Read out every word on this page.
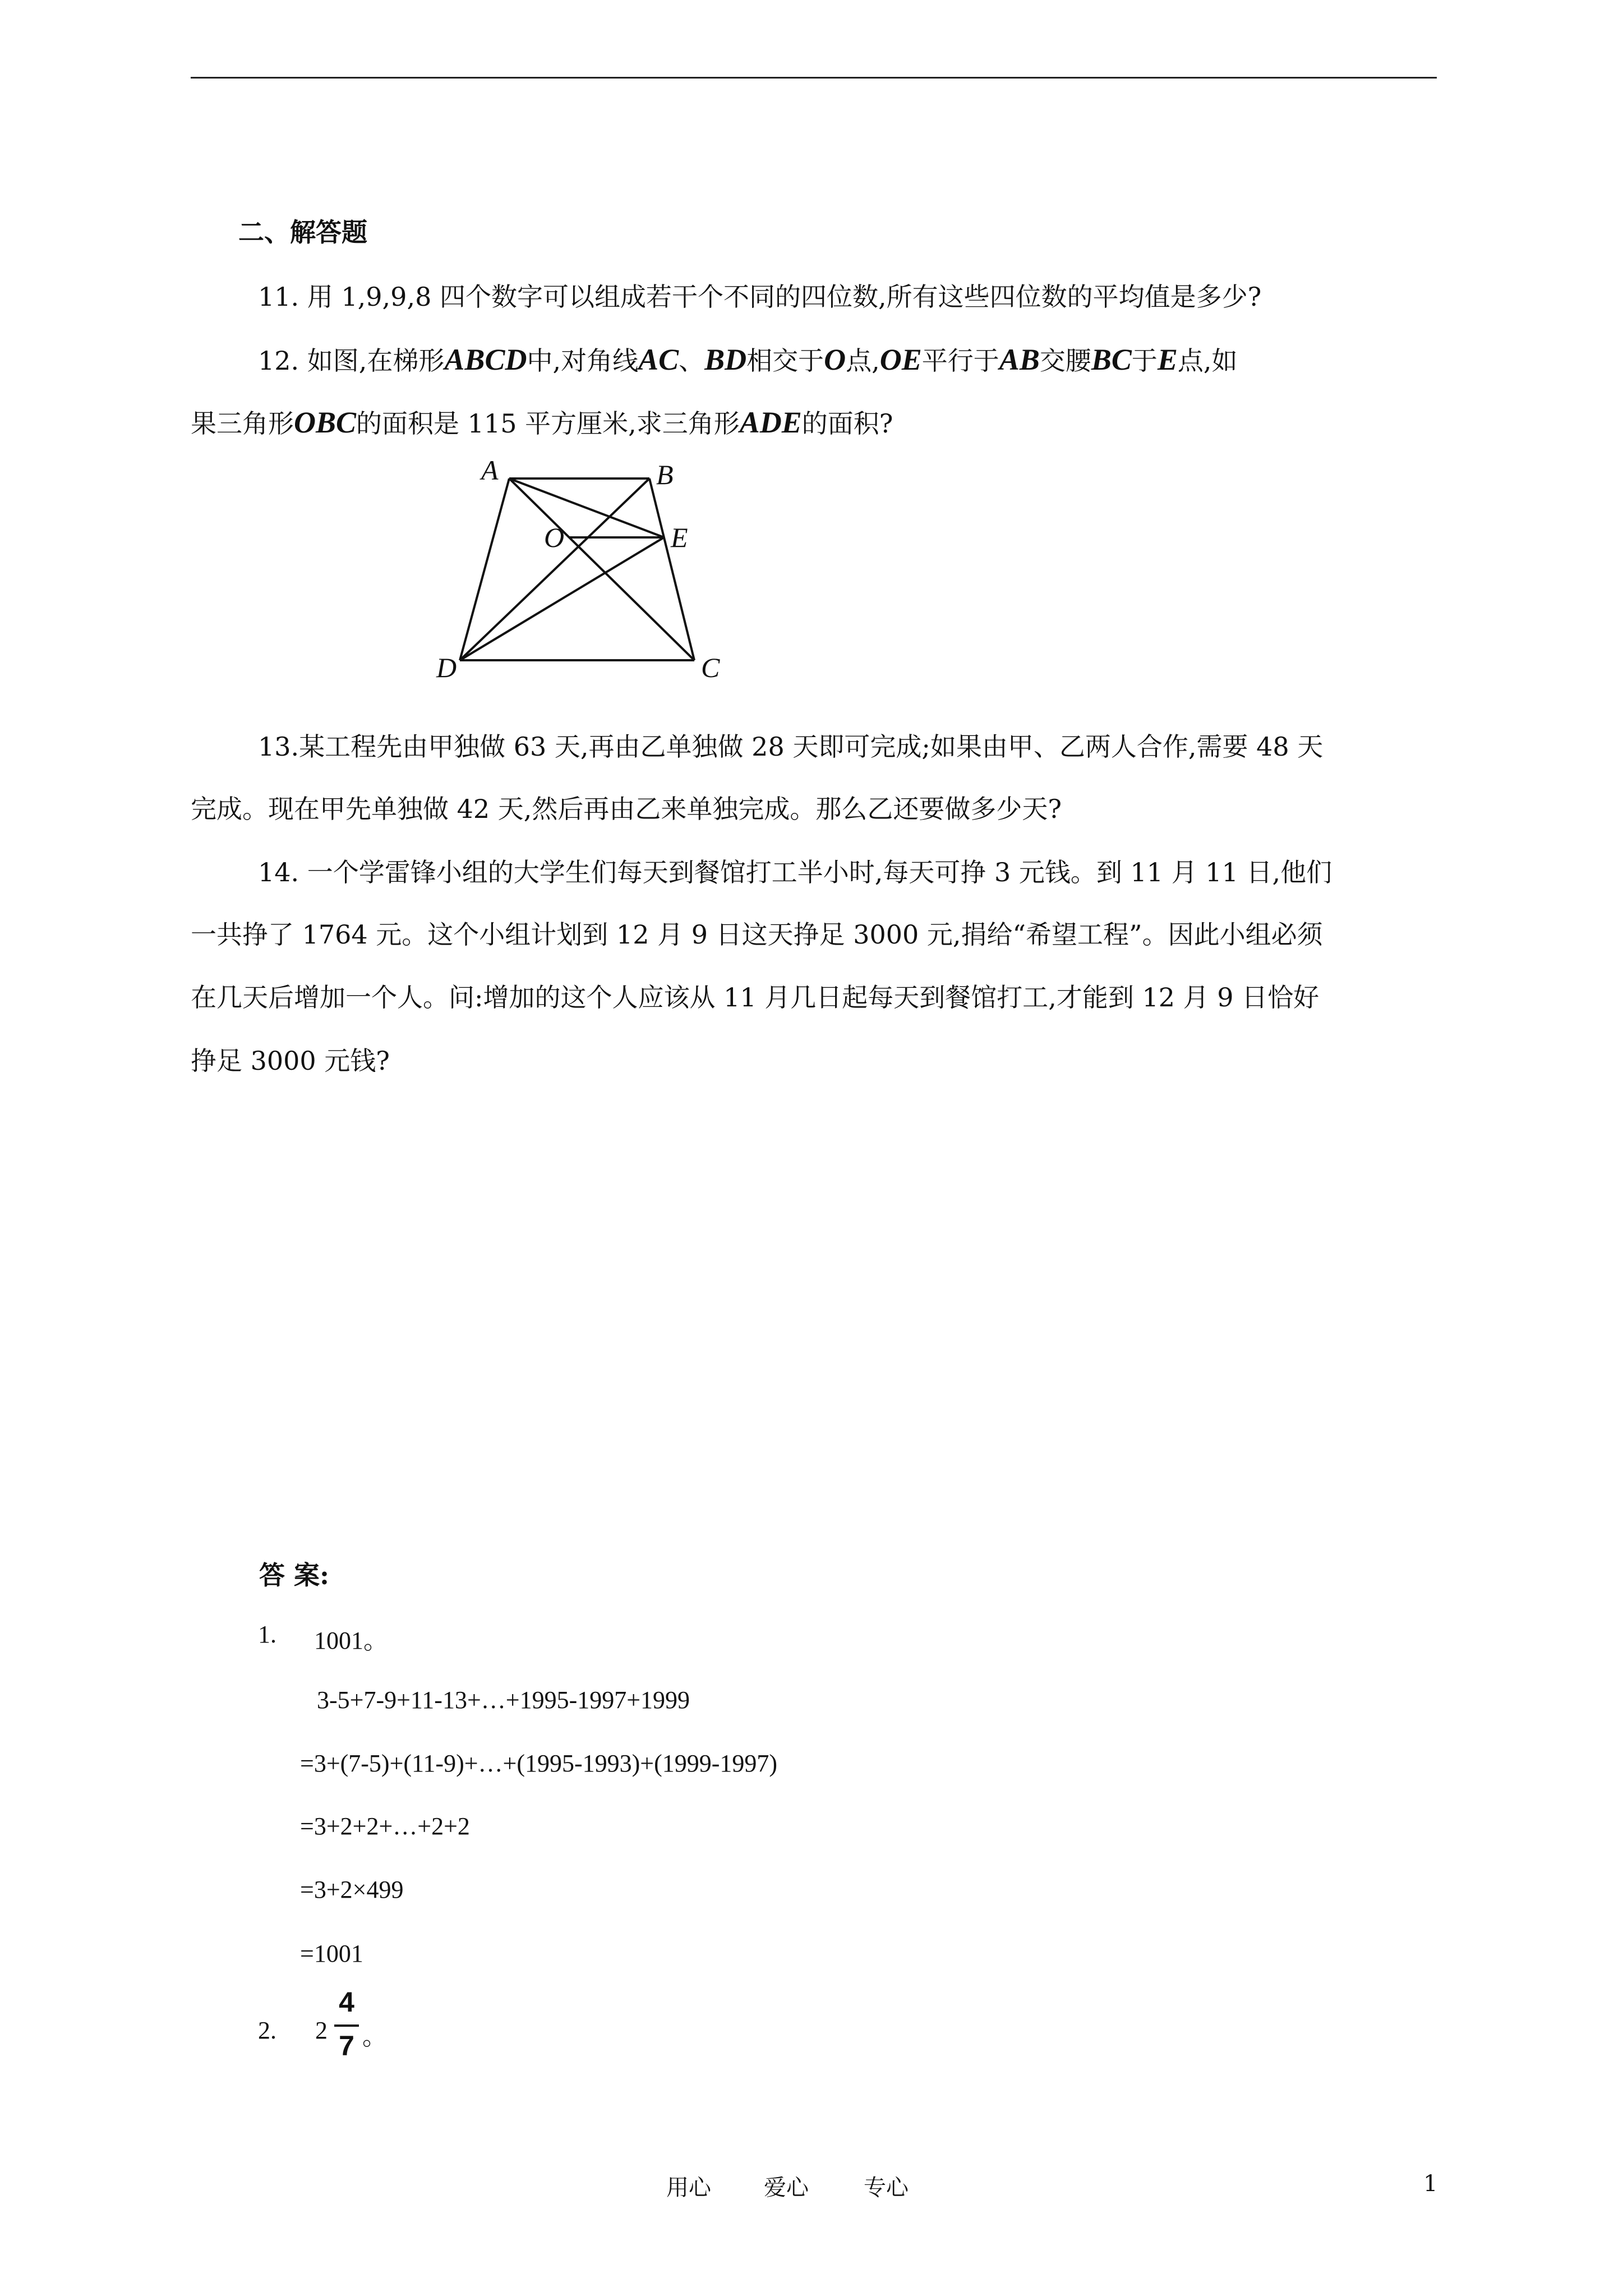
二、解答题
11. 用 1,9,9,8 四个数字可以组成若干个不同的四位数,所有这些四位数的平均值是多少?
12. 如图,在梯形ABCD中,对角线AC、BD相交于O点,OE平行于AB交腰BC于E点,如
果三角形OBC的面积是 115 平方厘米,求三角形ADE的面积?
A	B
O	E
D	C
13.某工程先由甲独做 63 天,再由乙单独做 28 天即可完成;如果由甲、乙两人合作,需要 48 天
完成。现在甲先单独做 42 天,然后再由乙来单独完成。那么乙还要做多少天?
14. 一个学雷锋小组的大学生们每天到餐馆打工半小时,每天可挣 3 元钱。到 11 月 11 日,他们
一共挣了 1764 元。这个小组计划到 12 月 9 日这天挣足 3000 元,捐给“希望工程”。因此小组必须
在几天后增加一个人。问:增加的这个人应该从 11 月几日起每天到餐馆打工,才能到 12 月 9 日恰好
挣足 3000 元钱?
答 案:
1. 1001。
3-5+7-9+11-13+…+1995-1997+1999
=3+(7-5)+(11-9)+…+(1995-1993)+(1999-1997)
=3+2+2+…+2+2
=3+2×499
=1001
2. 2
4
7 。
用心 爱心 专心	1
